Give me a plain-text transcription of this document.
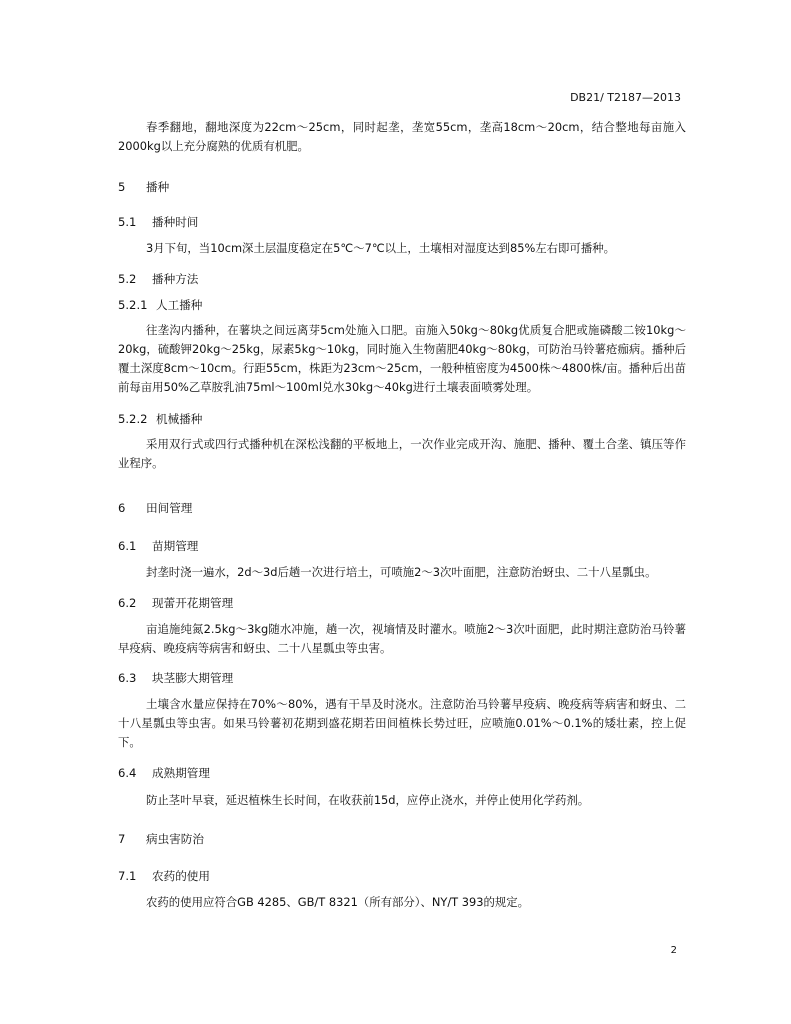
DB21/ T2187—2013

春季翻地，翻地深度为22cm～25cm，同时起垄，垄宽55cm，垄高18cm～20cm，结合整地每亩施入2000kg以上充分腐熟的优质有机肥。

5 播种
5.1 播种时间

3月下旬，当10cm深土层温度稳定在5℃～7℃以上，土壤相对湿度达到85%左右即可播种。

5.2 播种方法
5.2.1 人工播种

往垄沟内播种，在薯块之间远离芽5cm处施入口肥。亩施入50kg～80kg优质复合肥或施磷酸二铵10kg～20kg，硫酸钾20kg～25kg，尿素5kg～10kg，同时施入生物菌肥40kg～80kg，可防治马铃薯疮痂病。播种后覆土深度8cm～10cm。行距55cm，株距为23cm～25cm，一般种植密度为4500株～4800株/亩。播种后出苗前每亩用50%乙草胺乳油75ml～100ml兑水30kg～40kg进行土壤表面喷雾处理。

5.2.2 机械播种

采用双行式或四行式播种机在深松浅翻的平板地上，一次作业完成开沟、施肥、播种、覆土合垄、镇压等作业程序。

6 田间管理
6.1 苗期管理

封垄时浇一遍水，2d～3d后趟一次进行培土，可喷施2～3次叶面肥，注意防治蚜虫、二十八星瓢虫。

6.2 现蕾开花期管理

亩追施纯氮2.5kg～3kg随水冲施，趟一次，视墒情及时灌水。喷施2～3次叶面肥，此时期注意防治马铃薯早疫病、晚疫病等病害和蚜虫、二十八星瓢虫等虫害。

6.3 块茎膨大期管理

土壤含水量应保持在70%～80%，遇有干旱及时浇水。注意防治马铃薯早疫病、晚疫病等病害和蚜虫、二十八星瓢虫等虫害。如果马铃薯初花期到盛花期若田间植株长势过旺，应喷施0.01%～0.1%的矮壮素，控上促下。

6.4 成熟期管理

防止茎叶早衰，延迟植株生长时间，在收获前15d，应停止浇水，并停止使用化学药剂。

7 病虫害防治
7.1 农药的使用

农药的使用应符合GB 4285、GB/T 8321（所有部分）、NY/T 393的规定。

2
